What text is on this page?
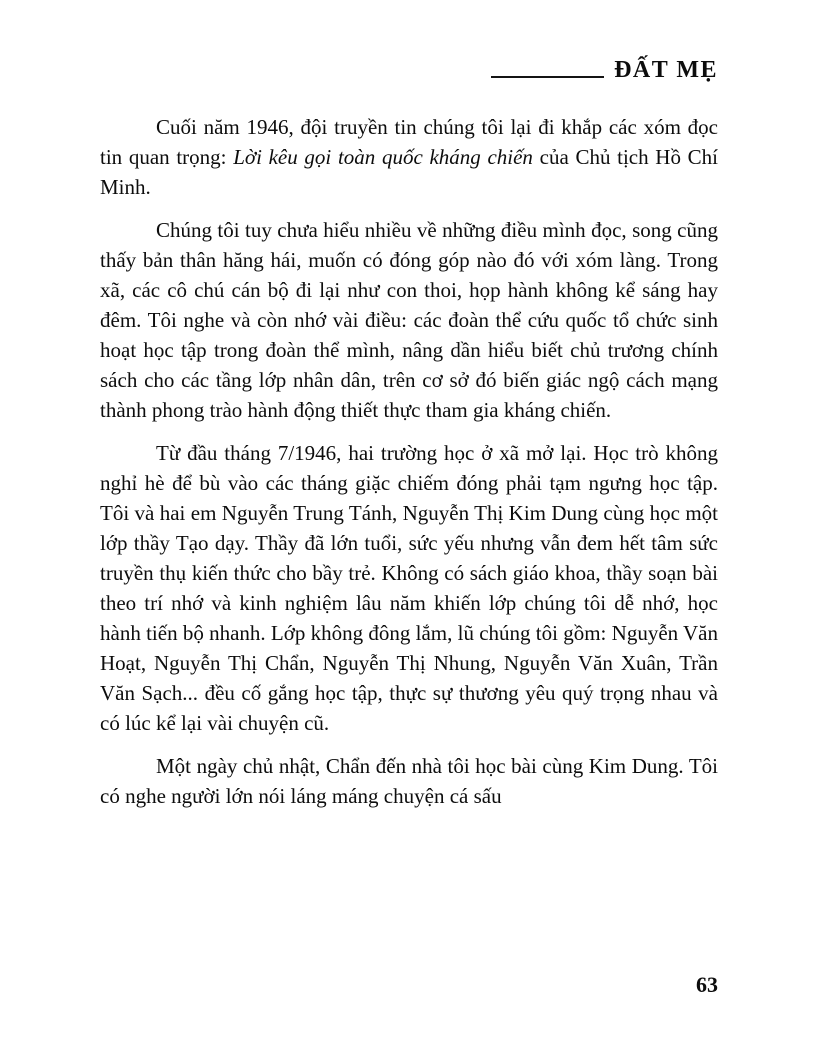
ĐẤT MẸ

Cuối năm 1946, đội truyền tin chúng tôi lại đi khắp các xóm đọc tin quan trọng: Lời kêu gọi toàn quốc kháng chiến của Chủ tịch Hồ Chí Minh.

Chúng tôi tuy chưa hiểu nhiều về những điều mình đọc, song cũng thấy bản thân hăng hái, muốn có đóng góp nào đó với xóm làng. Trong xã, các cô chú cán bộ đi lại như con thoi, họp hành không kể sáng hay đêm. Tôi nghe và còn nhớ vài điều: các đoàn thể cứu quốc tổ chức sinh hoạt học tập trong đoàn thể mình, nâng dần hiểu biết chủ trương chính sách cho các tầng lớp nhân dân, trên cơ sở đó biến giác ngộ cách mạng thành phong trào hành động thiết thực tham gia kháng chiến.

Từ đầu tháng 7/1946, hai trường học ở xã mở lại. Học trò không nghỉ hè để bù vào các tháng giặc chiếm đóng phải tạm ngưng học tập. Tôi và hai em Nguyễn Trung Tánh, Nguyễn Thị Kim Dung cùng học một lớp thầy Tạo dạy. Thầy đã lớn tuổi, sức yếu nhưng vẫn đem hết tâm sức truyền thụ kiến thức cho bầy trẻ. Không có sách giáo khoa, thầy soạn bài theo trí nhớ và kinh nghiệm lâu năm khiến lớp chúng tôi dễ nhớ, học hành tiến bộ nhanh. Lớp không đông lắm, lũ chúng tôi gồm: Nguyễn Văn Hoạt, Nguyễn Thị Chẩn, Nguyễn Thị Nhung, Nguyễn Văn Xuân, Trần Văn Sạch... đều cố gắng học tập, thực sự thương yêu quý trọng nhau và có lúc kể lại vài chuyện cũ.

Một ngày chủ nhật, Chẩn đến nhà tôi học bài cùng Kim Dung. Tôi có nghe người lớn nói láng máng chuyện cá sấu

63
